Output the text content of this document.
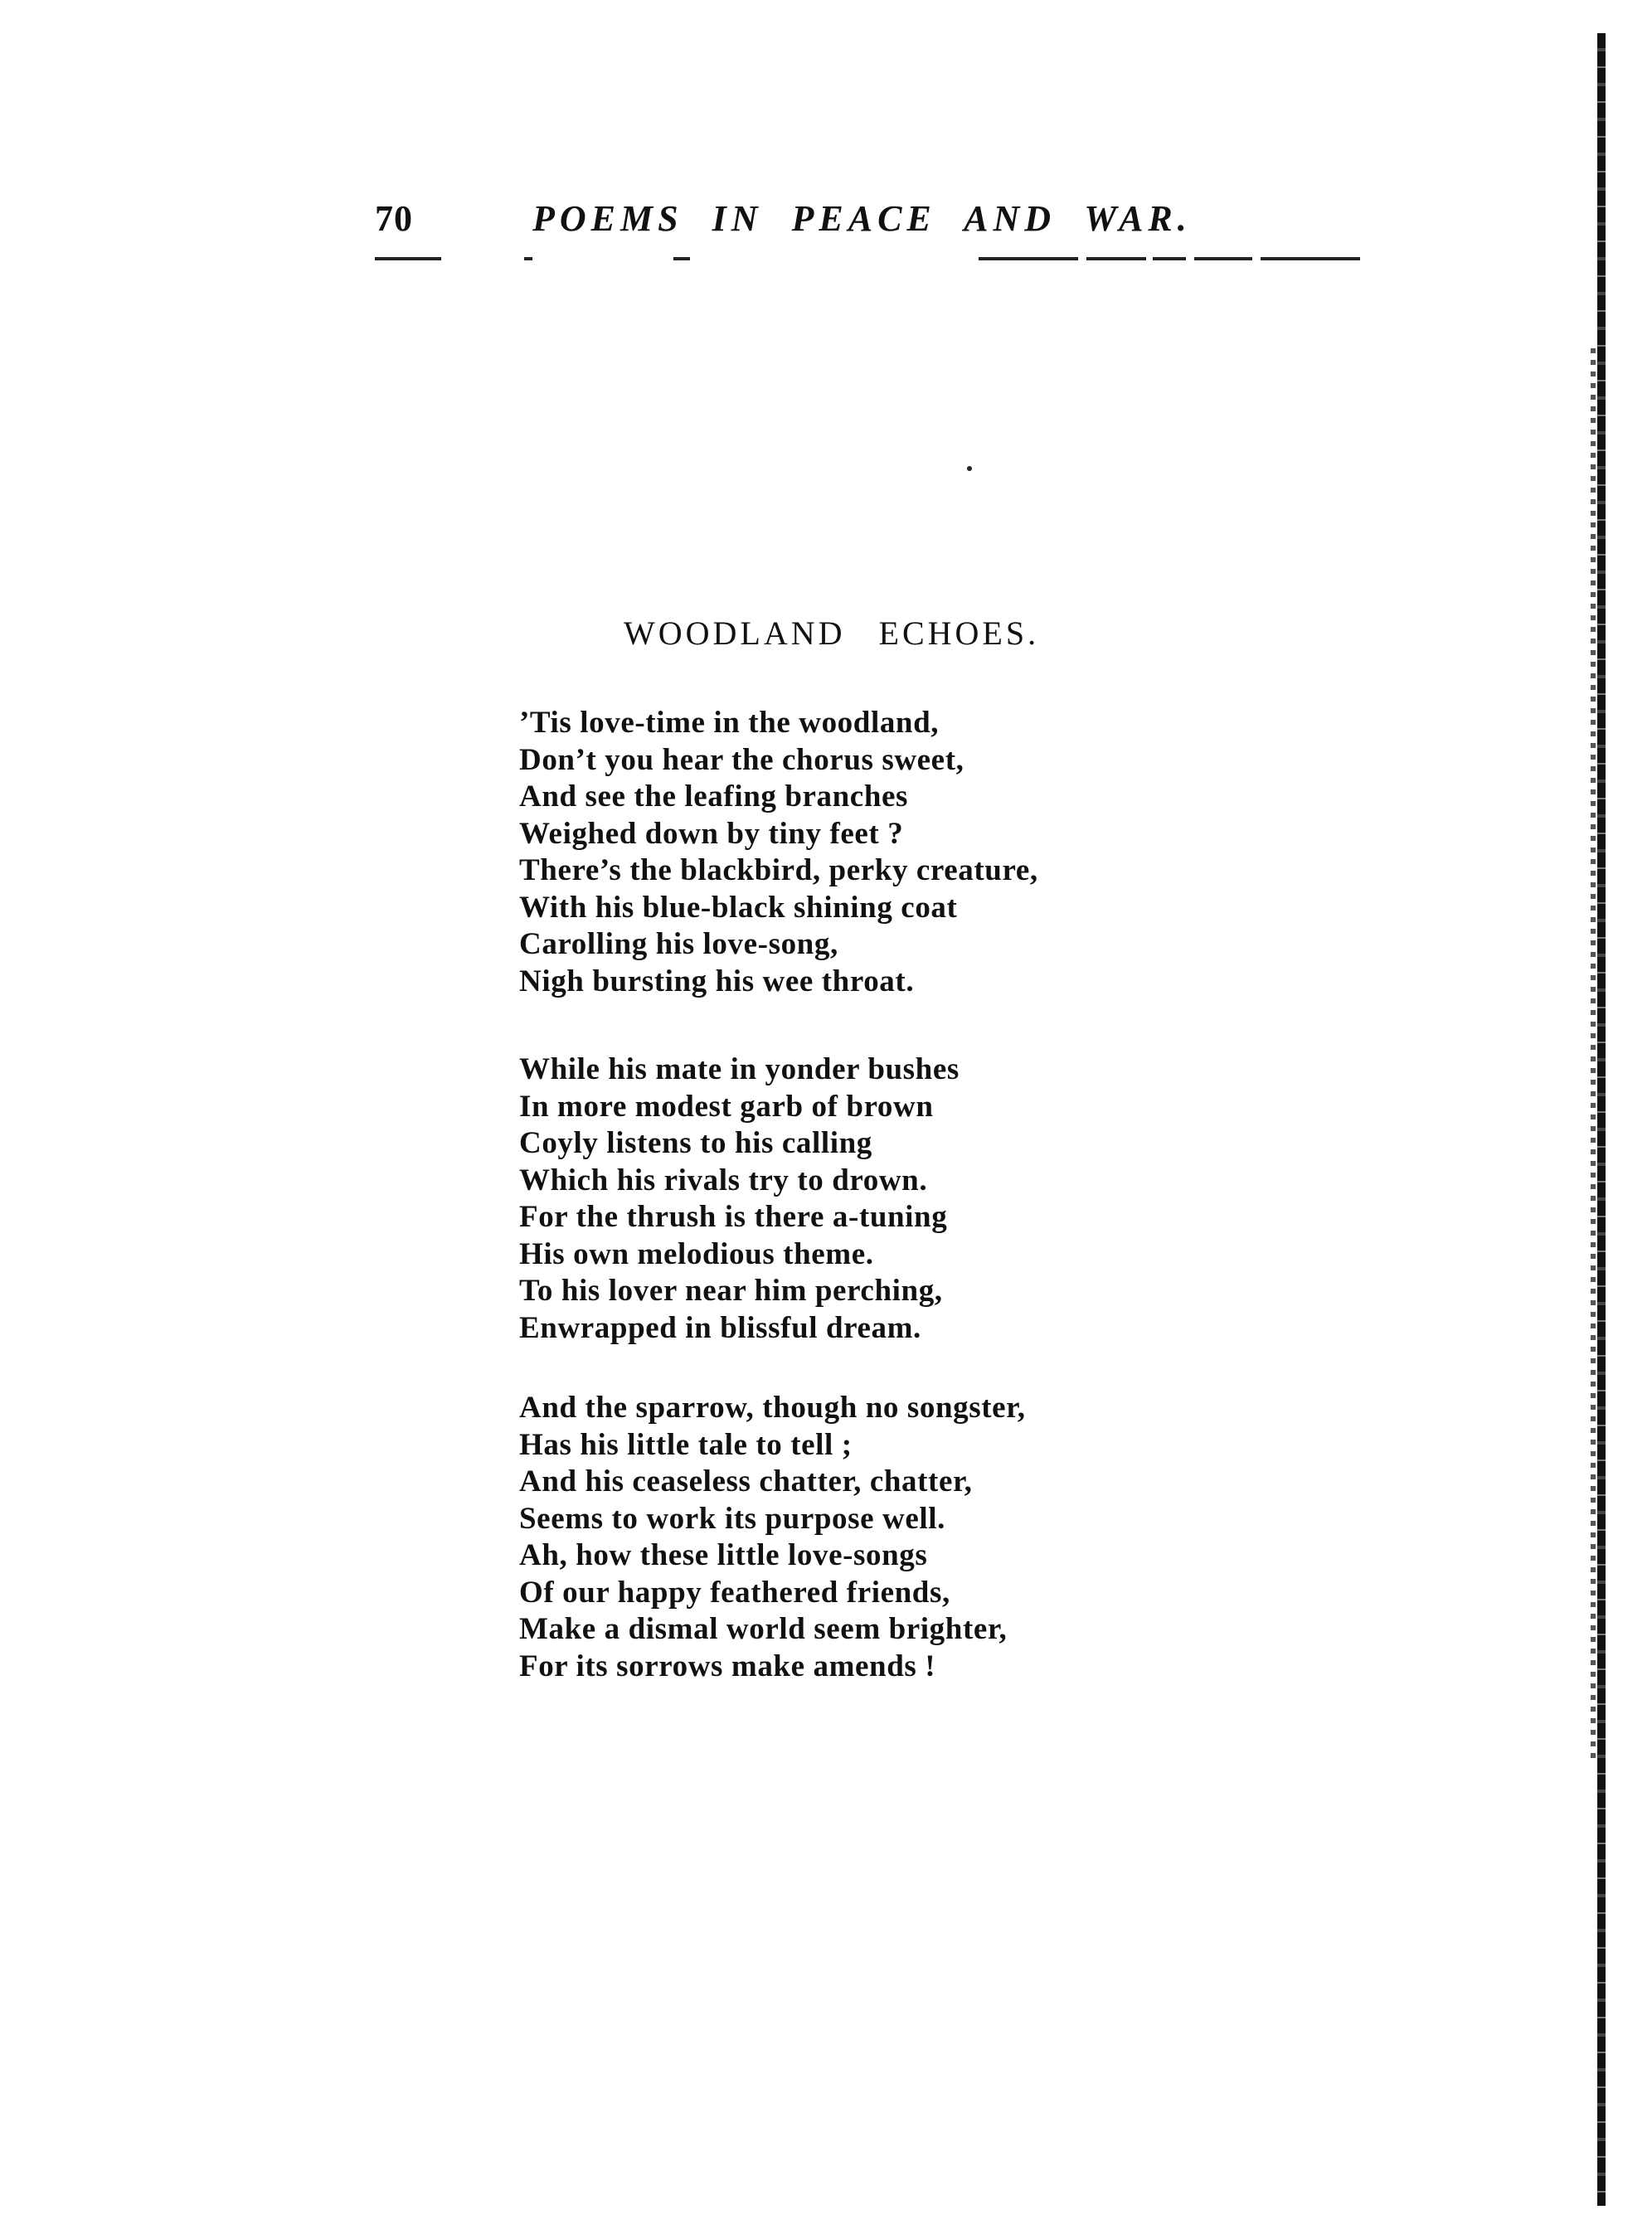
70	POEMS IN PEACE AND WAR.
WOODLAND ECHOES.
’Tis love-time in the woodland,
Don’t you hear the chorus sweet,
And see the leafing branches
Weighed down by tiny feet ?
There’s the blackbird, perky creature,
With his blue-black shining coat
Carolling his love-song,
Nigh bursting his wee throat.
While his mate in yonder bushes
In more modest garb of brown
Coyly listens to his calling
Which his rivals try to drown.
For the thrush is there a-tuning
His own melodious theme.
To his lover near him perching,
Enwrapped in blissful dream.
And the sparrow, though no songster,
Has his little tale to tell ;
And his ceaseless chatter, chatter,
Seems to work its purpose well.
Ah, how these little love-songs
Of our happy feathered friends,
Make a dismal world seem brighter,
For its sorrows make amends !
